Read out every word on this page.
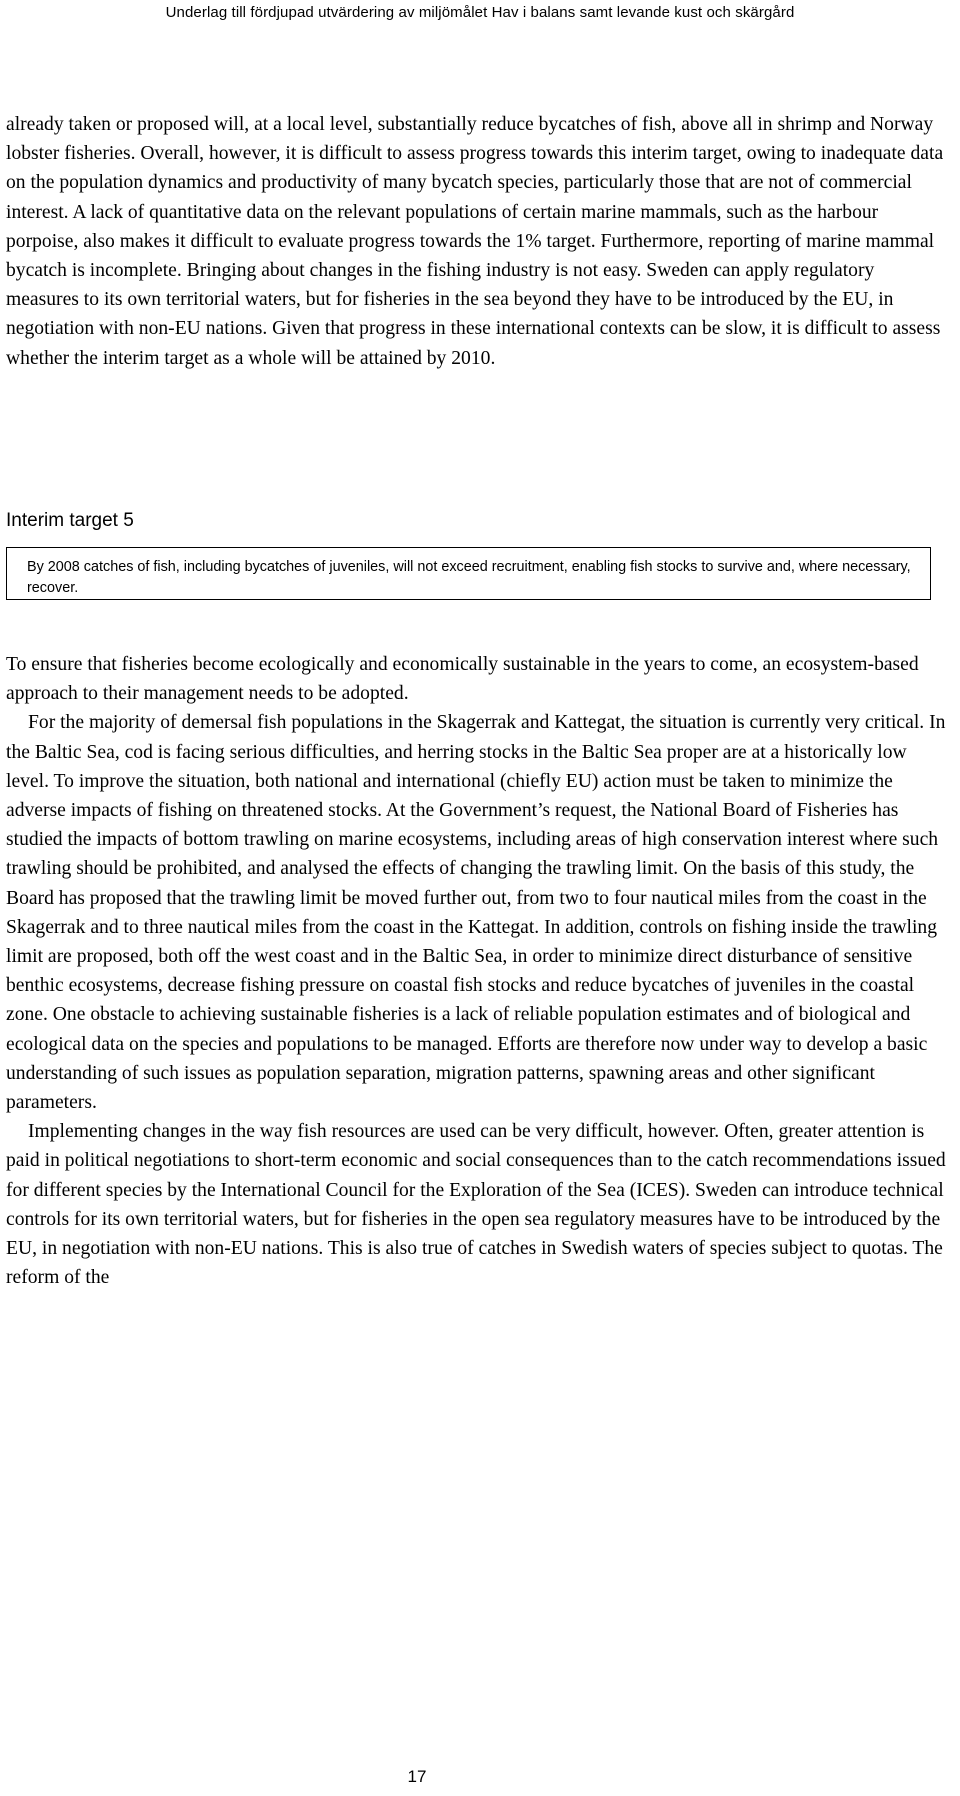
Underlag till fördjupad utvärdering av miljömålet Hav i balans samt levande kust och skärgård

already taken or proposed will, at a local level, substantially reduce bycatches of fish, above all in shrimp and Norway lobster fisheries. Overall, however, it is difficult to assess progress towards this interim target, owing to inadequate data on the population dynamics and productivity of many bycatch species, particularly those that are not of commercial interest. A lack of quantitative data on the relevant populations of certain marine mammals, such as the harbour porpoise, also makes it difficult to evaluate progress towards the 1% target. Furthermore, reporting of marine mammal bycatch is incomplete. Bringing about changes in the fishing industry is not easy. Sweden can apply regulatory measures to its own territorial waters, but for fisheries in the sea beyond they have to be introduced by the EU, in negotiation with non-EU nations. Given that progress in these international contexts can be slow, it is difficult to assess whether the interim target as a whole will be attained by 2010.

Interim target 5
By 2008 catches of fish, including bycatches of juveniles, will not exceed recruitment, enabling fish stocks to survive and, where necessary, recover.

To ensure that fisheries become ecologically and economically sustainable in the years to come, an ecosystem-based approach to their management needs to be adopted.

For the majority of demersal fish populations in the Skagerrak and Kattegat, the situation is currently very critical. In the Baltic Sea, cod is facing serious difficulties, and herring stocks in the Baltic Sea proper are at a historically low level. To improve the situation, both national and international (chiefly EU) action must be taken to minimize the adverse impacts of fishing on threatened stocks. At the Government’s request, the National Board of Fisheries has studied the impacts of bottom trawling on marine ecosystems, including areas of high conservation interest where such trawling should be prohibited, and analysed the effects of changing the trawling limit. On the basis of this study, the Board has proposed that the trawling limit be moved further out, from two to four nautical miles from the coast in the Skagerrak and to three nautical miles from the coast in the Kattegat. In addition, controls on fishing inside the trawling limit are proposed, both off the west coast and in the Baltic Sea, in order to minimize direct disturbance of sensitive benthic ecosystems, decrease fishing pressure on coastal fish stocks and reduce bycatches of juveniles in the coastal zone. One obstacle to achieving sustainable fisheries is a lack of reliable population estimates and of biological and ecological data on the species and populations to be managed. Efforts are therefore now under way to develop a basic understanding of such issues as population separation, migration patterns, spawning areas and other significant parameters.

Implementing changes in the way fish resources are used can be very difficult, however. Often, greater attention is paid in political negotiations to short-term economic and social consequences than to the catch recommendations issued for different species by the International Council for the Exploration of the Sea (ICES). Sweden can introduce technical controls for its own territorial waters, but for fisheries in the open sea regulatory measures have to be introduced by the EU, in negotiation with non-EU nations. This is also true of catches in Swedish waters of species subject to quotas. The reform of the

17
